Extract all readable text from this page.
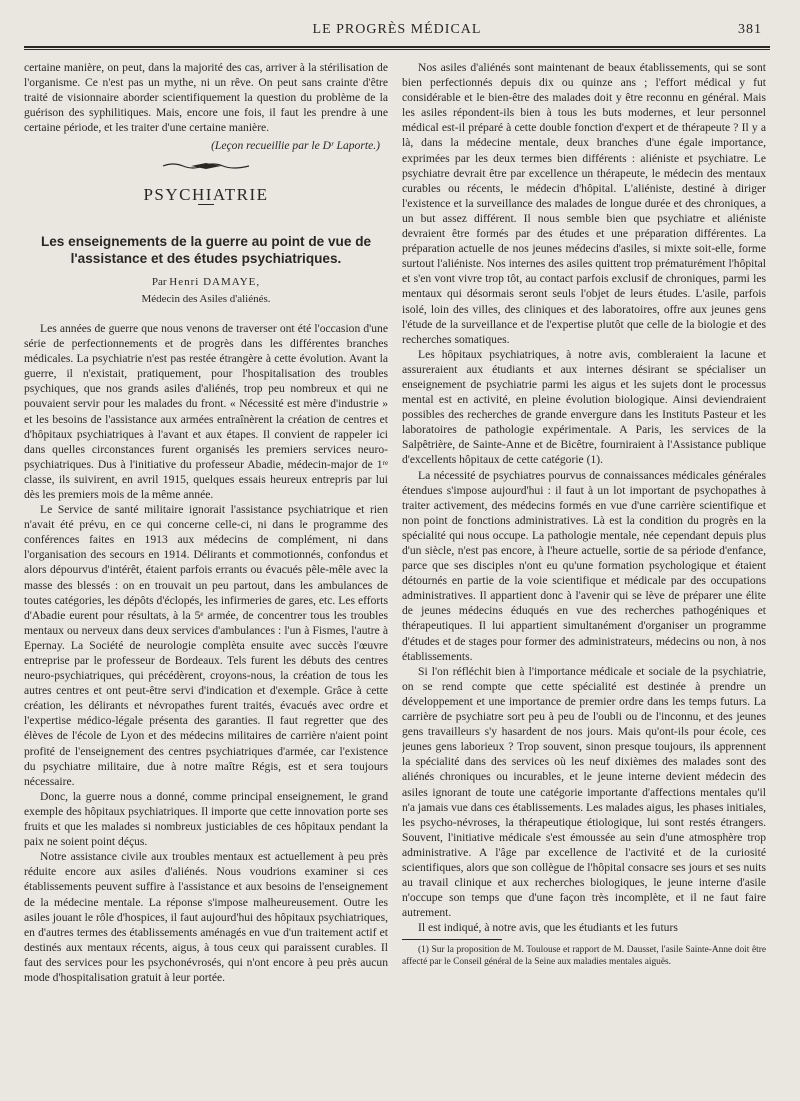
LE PROGRÈS MÉDICAL	381

certaine manière, on peut, dans la majorité des cas, arriver à la stérilisation de l'organisme. Ce n'est pas un mythe, ni un rêve. On peut sans crainte d'être traité de visionnaire aborder scientifiquement la question du problème de la guérison des syphilitiques. Mais, encore une fois, il faut les prendre à une certaine période, et les traiter d'une certaine manière.

(Leçon recueillie par le Dʳ Laporte.)

PSYCHIATRIE
Les enseignements de la guerre au point de vue de l'assistance et des études psychiatriques.
Par Henri DAMAYE,
Médecin des Asiles d'aliénés.

Les années de guerre que nous venons de traverser ont été l'occasion d'une série de perfectionnements et de progrès dans les différentes branches médicales. La psychiatrie n'est pas restée étrangère à cette évolution. Avant la guerre, il n'existait, pratiquement, pour l'hospitalisation des troubles psychiques, que nos grands asiles d'aliénés, trop peu nombreux et qui ne pouvaient servir pour les malades du front. « Nécessité est mère d'industrie » et les besoins de l'assistance aux armées entraînèrent la création de centres et d'hôpitaux psychiatriques à l'avant et aux étapes. Il convient de rappeler ici dans quelles circonstances furent organisés les premiers services neuro-psychiatriques. Dus à l'initiative du professeur Abadie, médecin-major de 1ʳᵉ classe, ils suivirent, en avril 1915, quelques essais heureux entrepris par lui dès les premiers mois de la même année.

Le Service de santé militaire ignorait l'assistance psychiatrique et rien n'avait été prévu, en ce qui concerne celle-ci, ni dans le programme des conférences faites en 1913 aux médecins de complément, ni dans l'organisation des secours en 1914. Délirants et commotionnés, confondus et alors dépourvus d'intérêt, étaient parfois errants ou évacués pêle-mêle avec la masse des blessés : on en trouvait un peu partout, dans les ambulances de toutes catégories, les dépôts d'éclopés, les infirmeries de gares, etc. Les efforts d'Abadie eurent pour résultats, à la 5ᵉ armée, de concentrer tous les troubles mentaux ou nerveux dans deux services d'ambulances : l'un à Fismes, l'autre à Epernay. La Société de neurologie complèta ensuite avec succès l'œuvre entreprise par le professeur de Bordeaux. Tels furent les débuts des centres neuro-psychiatriques, qui précédèrent, croyons-nous, la création de tous les autres centres et ont peut-être servi d'indication et d'exemple. Grâce à cette création, les délirants et névropathes furent traités, évacués avec ordre et l'expertise médico-légale présenta des garanties. Il faut regretter que des élèves de l'école de Lyon et des médecins militaires de carrière n'aient point profité de l'enseignement des centres psychiatriques d'armée, car l'existence du psychiatre militaire, due à notre maître Régis, est et sera toujours nécessaire.

Donc, la guerre nous a donné, comme principal enseignement, le grand exemple des hôpitaux psychiatriques. Il importe que cette innovation porte ses fruits et que les malades si nombreux justiciables de ces hôpitaux pendant la paix ne soient point déçus.

Notre assistance civile aux troubles mentaux est actuellement à peu près réduite encore aux asiles d'aliénés. Nous voudrions examiner si ces établissements peuvent suffire à l'assistance et aux besoins de l'enseignement de la médecine mentale. La réponse s'impose malheureusement. Outre les asiles jouant le rôle d'hospices, il faut aujourd'hui des hôpitaux psychiatriques, en d'autres termes des établissements aménagés en vue d'un traitement actif et destinés aux mentaux récents, aigus, à tous ceux qui paraissent curables. Il faut des services pour les psychonévrosés, qui n'ont encore à peu près aucun mode d'hospitalisation gratuit à leur portée.

Nos asiles d'aliénés sont maintenant de beaux établissements, qui se sont bien perfectionnés depuis dix ou quinze ans ; l'effort médical y fut considérable et le bien-être des malades doit y être reconnu en général. Mais les asiles répondent-ils bien à tous les buts modernes, et leur personnel médical est-il préparé à cette double fonction d'expert et de thérapeute ? Il y a là, dans la médecine mentale, deux branches d'une égale importance, exprimées par les deux termes bien différents : aliéniste et psychiatre. Le psychiatre devrait être par excellence un thérapeute, le médecin des mentaux curables ou récents, le médecin d'hôpital. L'aliéniste, destiné à diriger l'existence et la surveillance des malades de longue durée et des chroniques, a un but assez différent. Il nous semble bien que psychiatre et aliéniste devraient être formés par des études et une préparation différentes. La préparation actuelle de nos jeunes médecins d'asiles, si mixte soit-elle, forme surtout l'aliéniste. Nos internes des asiles quittent trop prématurément l'hôpital et s'en vont vivre trop tôt, au contact parfois exclusif de chroniques, parmi les mentaux qui désormais seront seuls l'objet de leurs études. L'asile, parfois isolé, loin des villes, des cliniques et des laboratoires, offre aux jeunes gens l'étude de la surveillance et de l'expertise plutôt que celle de la biologie et des recherches somatiques.

Les hôpitaux psychiatriques, à notre avis, combleraient la lacune et assureraient aux étudiants et aux internes désirant se spécialiser un enseignement de psychiatrie parmi les aigus et les sujets dont le processus mental est en activité, en pleine évolution biologique. Ainsi deviendraient possibles des recherches de grande envergure dans les Instituts Pasteur et les laboratoires de pathologie expérimentale. A Paris, les services de la Salpêtrière, de Sainte-Anne et de Bicêtre, fourniraient à l'Assistance publique d'excellents hôpitaux de cette catégorie (1).

La nécessité de psychiatres pourvus de connaissances médicales générales étendues s'impose aujourd'hui : il faut à un lot important de psychopathes à traiter activement, des médecins formés en vue d'une carrière scientifique et non point de fonctions administratives. Là est la condition du progrès en la spécialité qui nous occupe. La pathologie mentale, née cependant depuis plus d'un siècle, n'est pas encore, à l'heure actuelle, sortie de sa période d'enfance, parce que ses disciples n'ont eu qu'une formation psychologique et étaient détournés en partie de la voie scientifique et médicale par des occupations administratives. Il appartient donc à l'avenir qui se lève de préparer une élite de jeunes médecins éduqués en vue des recherches pathogéniques et thérapeutiques. Il lui appartient simultanément d'organiser un programme d'études et de stages pour former des administrateurs, médecins ou non, à nos établissements.

Si l'on réfléchit bien à l'importance médicale et sociale de la psychiatrie, on se rend compte que cette spécialité est destinée à prendre un développement et une importance de premier ordre dans les temps futurs. La carrière de psychiatre sort peu à peu de l'oubli ou de l'inconnu, et des jeunes gens travailleurs s'y hasardent de nos jours. Mais qu'ont-ils pour école, ces jeunes gens laborieux ? Trop souvent, sinon presque toujours, ils apprennent la spécialité dans des services où les neuf dixièmes des malades sont des aliénés chroniques ou incurables, et le jeune interne devient médecin des asiles ignorant de toute une catégorie importante d'affections mentales qu'il n'a jamais vue dans ces établissements. Les malades aigus, les phases initiales, les psycho-névroses, la thérapeutique étiologique, lui sont restés étrangers. Souvent, l'initiative médicale s'est émoussée au sein d'une atmosphère trop administrative. A l'âge par excellence de l'activité et de la curiosité scientifiques, alors que son collègue de l'hôpital consacre ses jours et ses nuits au travail clinique et aux recherches biologiques, le jeune interne d'asile n'occupe son temps que d'une façon très incomplète, et il ne faut faire autrement.

Il est indiqué, à notre avis, que les étudiants et les futurs

(1) Sur la proposition de M. Toulouse et rapport de M. Dausset, l'asile Sainte-Anne doit être affecté par le Conseil général de la Seine aux maladies mentales aiguës.
